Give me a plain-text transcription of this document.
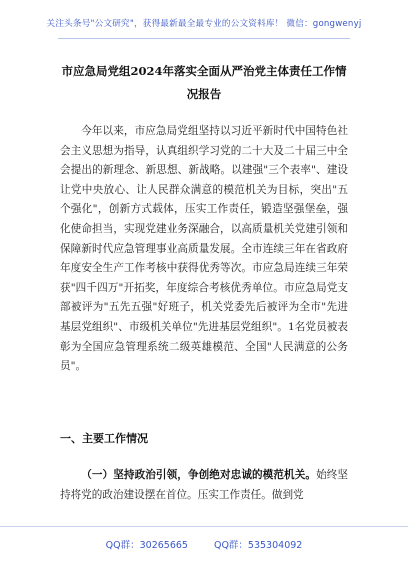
关注头条号"公文研究"，获得最新最全最专业的公文资料库！ 微信：gongwenyj
市应急局党组2024年落实全面从严治党主体责任工作情况报告

今年以来，市应急局党组坚持以习近平新时代中国特色社会主义思想为指导，认真组织学习党的二十大及二十届三中全会提出的新理念、新思想、新战略。以建强"三个表率"、建设让党中央放心、让人民群众满意的模范机关为目标，突出"五个强化"，创新方式载体，压实工作责任，锻造坚强堡垒，强化使命担当，实现党建业务深融合，以高质量机关党建引领和保障新时代应急管理事业高质量发展。全市连续三年在省政府年度安全生产工作考核中获得优秀等次。市应急局连续三年荣获"四千四万"开拓奖，年度综合考核优秀单位。市应急局党支部被评为"五先五强"好班子，机关党委先后被评为全市"先进基层党组织"、市级机关单位"先进基层党组织"。1名党员被表彰为全国应急管理系统二级英雄模范、全国"人民满意的公务员"。

一、主要工作情况

（一）坚持政治引领，争创绝对忠诚的模范机关。始终坚持将党的政治建设摆在首位。压实工作责任。做到党

QQ群：30265665	QQ群：535304092
